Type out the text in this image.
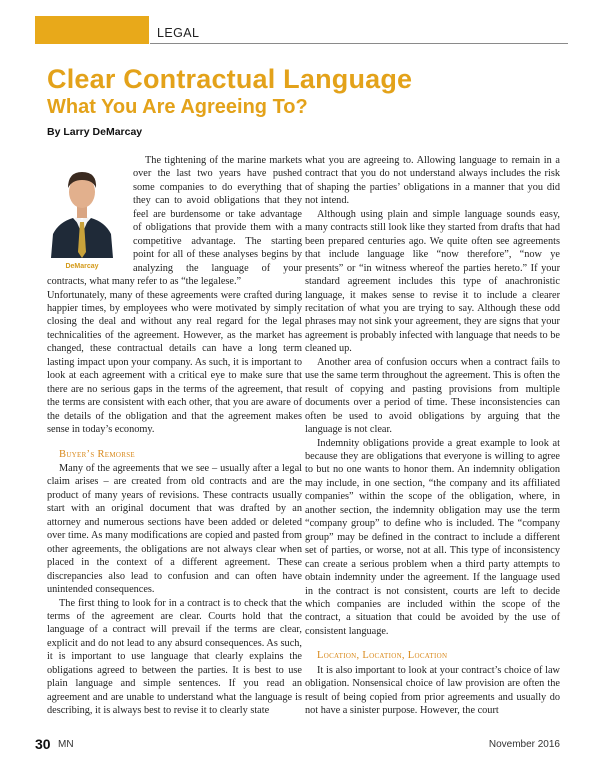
LEGAL
Clear Contractual Language
What You Are Agreeing To?
By Larry DeMarcay
DeMarcay

The tightening of the marine markets over the last two years have pushed some companies to do everything that they can to avoid obligations that they feel are burdensome or take advantage of obligations that provide them with a competitive advantage. The starting point for all of these analyses begins by analyzing the language of your contracts, what many refer to as “the legalese.”

Unfortunately, many of these agreements were crafted during happier times, by employees who were motivated by simply closing the deal and without any real regard for the legal technicalities of the agreement. However, as the market has changed, these contractual details can have a long term lasting impact upon your company. As such, it is important to look at each agreement with a critical eye to make sure that there are no serious gaps in the terms of the agreement, that the terms are consistent with each other, that you are aware of the details of the obligation and that the agreement makes sense in today’s economy.

Buyer’s Remorse

Many of the agreements that we see – usually after a legal claim arises – are created from old contracts and are the product of many years of revisions. These contracts usually start with an original document that was drafted by an attorney and numerous sections have been added or deleted over time. As many modifications are copied and pasted from other agreements, the obligations are not always clear when placed in the context of a different agreement. These discrepancies also lead to confusion and can often have unintended consequences.

The first thing to look for in a contract is to check that the terms of the agreement are clear. Courts hold that the language of a contract will prevail if the terms are clear, explicit and do not lead to any absurd consequences. As such, it is important to use language that clearly explains the obligations agreed to between the parties. It is best to use plain language and simple sentences. If you read an agreement and are unable to understand what the language is describing, it is always best to revise it to clearly state

what you are agreeing to. Allowing language to remain in a contract that you do not understand always includes the risk of shaping the parties’ obligations in a manner that you did not intend.

Although using plain and simple language sounds easy, many contracts still look like they started from drafts that had been prepared centuries ago. We quite often see agreements that include language like “now therefore”, “now ye presents” or “in witness whereof the parties hereto.” If your standard agreement includes this type of anachronistic language, it makes sense to revise it to include a clearer recitation of what you are trying to say. Although these odd phrases may not sink your agreement, they are signs that your agreement is probably infected with language that needs to be cleaned up.

Another area of confusion occurs when a contract fails to use the same term throughout the agreement. This is often the result of copying and pasting provisions from multiple documents over a period of time. These inconsistencies can often be used to avoid obligations by arguing that the language is not clear.

Indemnity obligations provide a great example to look at because they are obligations that everyone is willing to agree to but no one wants to honor them. An indemnity obligation may include, in one section, “the company and its affiliated companies” within the scope of the obligation, where, in another section, the indemnity obligation may use the term “company group” to define who is included. The “company group” may be defined in the contract to include a different set of parties, or worse, not at all. This type of inconsistency can create a serious problem when a third party attempts to obtain indemnity under the agreement. If the language used in the contract is not consistent, courts are left to decide which companies are included within the scope of the contract, a situation that could be avoided by the use of consistent language.

Location, Location, Location

It is also important to look at your contract’s choice of law obligation. Nonsensical choice of law provision are often the result of being copied from prior agreements and usually do not have a sinister purpose. However, the court

30 MN	November 2016
